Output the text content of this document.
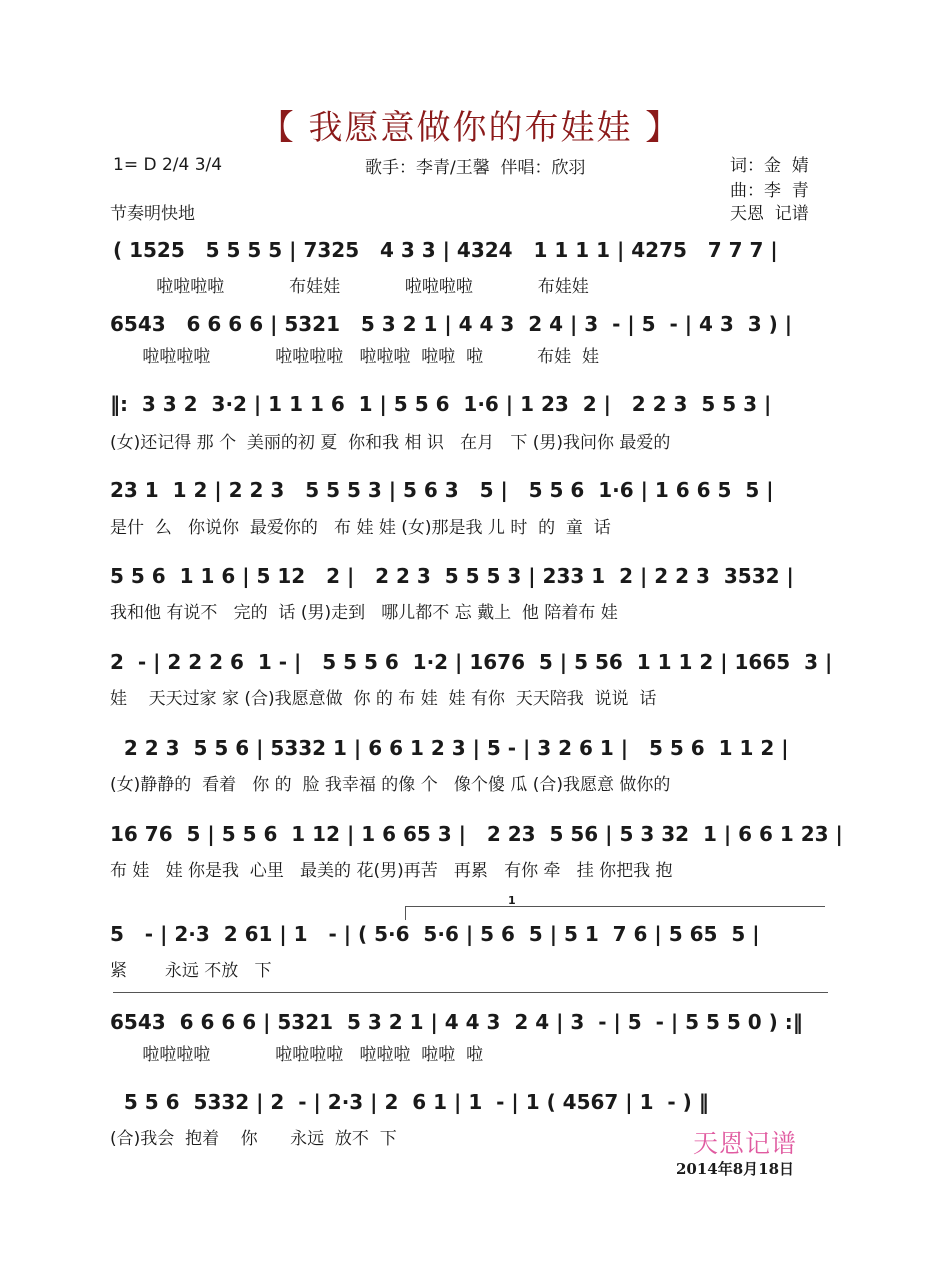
【 我愿意做你的布娃娃 】
1= D 2/4 3/4	歌手：李青/王馨  伴唱：欣羽	词：金  婧
曲：李  青
节奏明快地	天恩  记谱
( 1525   5 5 5 5 | 7325   4 3 3 | 4324   1 1 1 1 | 4275   7 7 7 |
啦啦啦啦            布娃娃            啦啦啦啦            布娃娃
6543   6 6 6 6 | 5321   5 3 2 1 | 4 4 3  2 4 | 3  - | 5  - | 4 3  3 ) |
啦啦啦啦            啦啦啦啦   啦啦啦  啦啦  啦          布娃  娃
‖:  3 3 2  3·2 | 1 1 1 6  1 | 5 5 6  1·6 | 1 23  2 |   2 2 3  5 5 3 |
(女)还记得 那 个  美丽的初 夏  你和我 相 识   在月   下 (男)我问你 最爱的
23 1  1 2 | 2 2 3   5 5 5 3 | 5 6 3   5 |   5 5 6  1·6 | 1 6 6 5  5 |
是什  么   你说你  最爱你的   布 娃 娃 (女)那是我 儿 时  的  童  话
5 5 6  1 1 6 | 5 12   2 |   2 2 3  5 5 5 3 | 233 1  2 | 2 2 3  3532 |
我和他 有说不   完的  话 (男)走到   哪儿都不 忘 戴上  他 陪着布 娃
2  - | 2 2 2 6  1 - |   5 5 5 6  1·2 | 1676  5 | 5 56  1 1 1 2 | 1665  3 |
娃    天天过家 家 (合)我愿意做  你 的 布 娃  娃 有你  天天陪我  说说  话
2 2 3  5 5 6 | 5332 1 | 6 6 1 2 3 | 5 - | 3 2 6 1 |   5 5 6  1 1 2 |
(女)静静的  看着   你 的  脸 我幸福 的像 个   像个傻 瓜 (合)我愿意 做你的
16 76  5 | 5 5 6  1 12 | 1 6 65 3 |   2 23  5 56 | 5 3 32  1 | 6 6 1 23 |
布 娃   娃 你是我  心里   最美的 花(男)再苦   再累   有你 牵   挂 你把我 抱
1
5   - | 2·3  2 61 | 1   - | ( 5·6  5·6 | 5 6  5 | 5 1  7 6 | 5 65  5 |
紧       永远 不放   下
6543  6 6 6 6 | 5321  5 3 2 1 | 4 4 3  2 4 | 3  - | 5  - | 5 5 5 0 ) :‖
啦啦啦啦            啦啦啦啦   啦啦啦  啦啦  啦
5 5 6  5332 | 2  - | 2·3 | 2  6 1 | 1  - | 1 ( 4567 | 1  - ) ‖
(合)我会  抱着    你      永远  放不  下	天恩记谱
2014年8月18日
